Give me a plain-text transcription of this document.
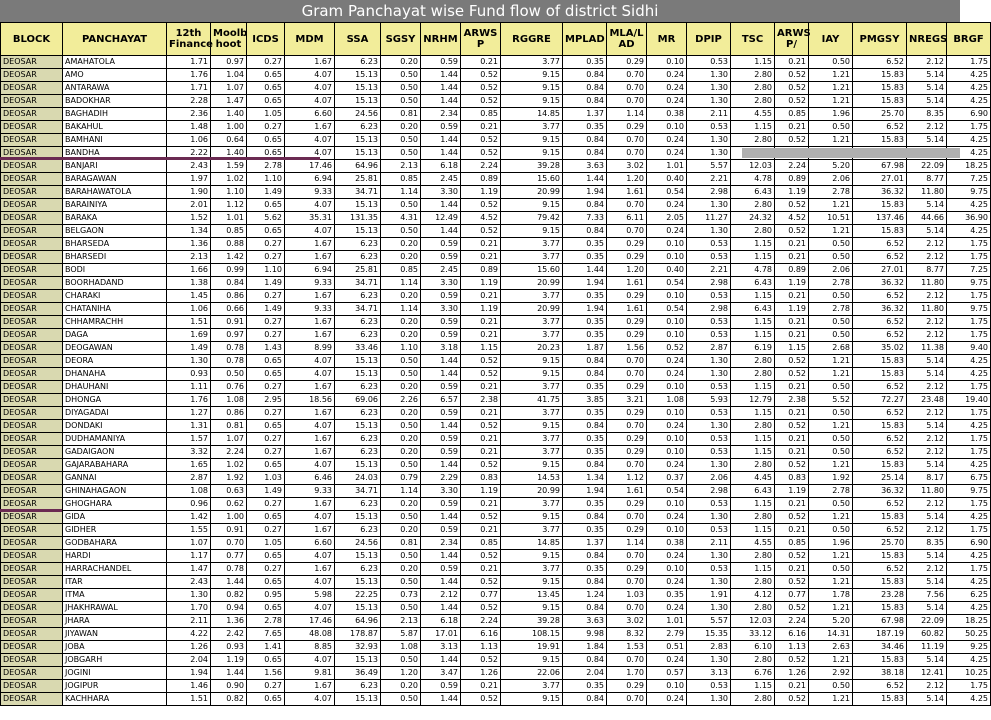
Gram Panchayat wise Fund flow of district Sidhi
BLOCK	PANCHAYAT	12th Finance	Moolb hoot	ICDS	MDM	SSA	SGSY	NRHM	ARWS P	RGGRE	MPLAD	MLA/L AD	MR	DPIP	TSC	ARWS P/	IAY	PMGSY	NREGS	BRGF
DEOSAR	AMAHATOLA	1.71	0.97	0.27	1.67	6.23	0.20	0.59	0.21	3.77	0.35	0.29	0.10	0.53	1.15	0.21	0.50	6.52	2.12	1.75
DEOSAR	AMO	1.76	1.04	0.65	4.07	15.13	0.50	1.44	0.52	9.15	0.84	0.70	0.24	1.30	2.80	0.52	1.21	15.83	5.14	4.25
DEOSAR	ANTARAWA	1.71	1.07	0.65	4.07	15.13	0.50	1.44	0.52	9.15	0.84	0.70	0.24	1.30	2.80	0.52	1.21	15.83	5.14	4.25
DEOSAR	BADOKHAR	2.28	1.47	0.65	4.07	15.13	0.50	1.44	0.52	9.15	0.84	0.70	0.24	1.30	2.80	0.52	1.21	15.83	5.14	4.25
DEOSAR	BAGHADIH	2.36	1.40	1.05	6.60	24.56	0.81	2.34	0.85	14.85	1.37	1.14	0.38	2.11	4.55	0.85	1.96	25.70	8.35	6.90
DEOSAR	BAKAHUL	1.48	1.00	0.27	1.67	6.23	0.20	0.59	0.21	3.77	0.35	0.29	0.10	0.53	1.15	0.21	0.50	6.52	2.12	1.75
DEOSAR	BAMHANI	1.06	0.64	0.65	4.07	15.13	0.50	1.44	0.52	9.15	0.84	0.70	0.24	1.30	2.80	0.52	1.21	15.83	5.14	4.25
DEOSAR	BANDHA	2.22	1.40	0.65	4.07	15.13	0.50	1.44	0.52	9.15	0.84	0.70	0.24	1.30						4.25
DEOSAR	BANJARI	2.43	1.59	2.78	17.46	64.96	2.13	6.18	2.24	39.28	3.63	3.02	1.01	5.57	12.03	2.24	5.20	67.98	22.09	18.25
DEOSAR	BARAGAWAN	1.97	1.02	1.10	6.94	25.81	0.85	2.45	0.89	15.60	1.44	1.20	0.40	2.21	4.78	0.89	2.06	27.01	8.77	7.25
DEOSAR	BARAHAWATOLA	1.90	1.10	1.49	9.33	34.71	1.14	3.30	1.19	20.99	1.94	1.61	0.54	2.98	6.43	1.19	2.78	36.32	11.80	9.75
DEOSAR	BARAINIYA	2.01	1.12	0.65	4.07	15.13	0.50	1.44	0.52	9.15	0.84	0.70	0.24	1.30	2.80	0.52	1.21	15.83	5.14	4.25
DEOSAR	BARAKA	1.52	1.01	5.62	35.31	131.35	4.31	12.49	4.52	79.42	7.33	6.11	2.05	11.27	24.32	4.52	10.51	137.46	44.66	36.90
DEOSAR	BELGAON	1.34	0.85	0.65	4.07	15.13	0.50	1.44	0.52	9.15	0.84	0.70	0.24	1.30	2.80	0.52	1.21	15.83	5.14	4.25
DEOSAR	BHARSEDA	1.36	0.88	0.27	1.67	6.23	0.20	0.59	0.21	3.77	0.35	0.29	0.10	0.53	1.15	0.21	0.50	6.52	2.12	1.75
DEOSAR	BHARSEDI	2.13	1.42	0.27	1.67	6.23	0.20	0.59	0.21	3.77	0.35	0.29	0.10	0.53	1.15	0.21	0.50	6.52	2.12	1.75
DEOSAR	BODI	1.66	0.99	1.10	6.94	25.81	0.85	2.45	0.89	15.60	1.44	1.20	0.40	2.21	4.78	0.89	2.06	27.01	8.77	7.25
DEOSAR	BOORHADAND	1.38	0.84	1.49	9.33	34.71	1.14	3.30	1.19	20.99	1.94	1.61	0.54	2.98	6.43	1.19	2.78	36.32	11.80	9.75
DEOSAR	CHARAKI	1.45	0.86	0.27	1.67	6.23	0.20	0.59	0.21	3.77	0.35	0.29	0.10	0.53	1.15	0.21	0.50	6.52	2.12	1.75
DEOSAR	CHATANIHA	1.06	0.66	1.49	9.33	34.71	1.14	3.30	1.19	20.99	1.94	1.61	0.54	2.98	6.43	1.19	2.78	36.32	11.80	9.75
DEOSAR	CHHAMRACHH	1.51	0.91	0.27	1.67	6.23	0.20	0.59	0.21	3.77	0.35	0.29	0.10	0.53	1.15	0.21	0.50	6.52	2.12	1.75
DEOSAR	DAGA	1.69	0.97	0.27	1.67	6.23	0.20	0.59	0.21	3.77	0.35	0.29	0.10	0.53	1.15	0.21	0.50	6.52	2.12	1.75
DEOSAR	DEOGAWAN	1.49	0.78	1.43	8.99	33.46	1.10	3.18	1.15	20.23	1.87	1.56	0.52	2.87	6.19	1.15	2.68	35.02	11.38	9.40
DEOSAR	DEORA	1.30	0.78	0.65	4.07	15.13	0.50	1.44	0.52	9.15	0.84	0.70	0.24	1.30	2.80	0.52	1.21	15.83	5.14	4.25
DEOSAR	DHANAHA	0.93	0.50	0.65	4.07	15.13	0.50	1.44	0.52	9.15	0.84	0.70	0.24	1.30	2.80	0.52	1.21	15.83	5.14	4.25
DEOSAR	DHAUHANI	1.11	0.76	0.27	1.67	6.23	0.20	0.59	0.21	3.77	0.35	0.29	0.10	0.53	1.15	0.21	0.50	6.52	2.12	1.75
DEOSAR	DHONGA	1.76	1.08	2.95	18.56	69.06	2.26	6.57	2.38	41.75	3.85	3.21	1.08	5.93	12.79	2.38	5.52	72.27	23.48	19.40
DEOSAR	DIYAGADAI	1.27	0.86	0.27	1.67	6.23	0.20	0.59	0.21	3.77	0.35	0.29	0.10	0.53	1.15	0.21	0.50	6.52	2.12	1.75
DEOSAR	DONDAKI	1.31	0.81	0.65	4.07	15.13	0.50	1.44	0.52	9.15	0.84	0.70	0.24	1.30	2.80	0.52	1.21	15.83	5.14	4.25
DEOSAR	DUDHAMANIYA	1.57	1.07	0.27	1.67	6.23	0.20	0.59	0.21	3.77	0.35	0.29	0.10	0.53	1.15	0.21	0.50	6.52	2.12	1.75
DEOSAR	GADAIGAON	3.32	2.24	0.27	1.67	6.23	0.20	0.59	0.21	3.77	0.35	0.29	0.10	0.53	1.15	0.21	0.50	6.52	2.12	1.75
DEOSAR	GAJARABAHARA	1.65	1.02	0.65	4.07	15.13	0.50	1.44	0.52	9.15	0.84	0.70	0.24	1.30	2.80	0.52	1.21	15.83	5.14	4.25
DEOSAR	GANNAI	2.87	1.92	1.03	6.46	24.03	0.79	2.29	0.83	14.53	1.34	1.12	0.37	2.06	4.45	0.83	1.92	25.14	8.17	6.75
DEOSAR	GHINAHAGAON	1.08	0.63	1.49	9.33	34.71	1.14	3.30	1.19	20.99	1.94	1.61	0.54	2.98	6.43	1.19	2.78	36.32	11.80	9.75
DEOSAR	GHOGHARA	0.96	0.62	0.27	1.67	6.23	0.20	0.59	0.21	3.77	0.35	0.29	0.10	0.53	1.15	0.21	0.50	6.52	2.12	1.75
DEOSAR	GIDA	1.42	1.00	0.65	4.07	15.13	0.50	1.44	0.52	9.15	0.84	0.70	0.24	1.30	2.80	0.52	1.21	15.83	5.14	4.25
DEOSAR	GIDHER	1.55	0.91	0.27	1.67	6.23	0.20	0.59	0.21	3.77	0.35	0.29	0.10	0.53	1.15	0.21	0.50	6.52	2.12	1.75
DEOSAR	GODBAHARA	1.07	0.70	1.05	6.60	24.56	0.81	2.34	0.85	14.85	1.37	1.14	0.38	2.11	4.55	0.85	1.96	25.70	8.35	6.90
DEOSAR	HARDI	1.17	0.77	0.65	4.07	15.13	0.50	1.44	0.52	9.15	0.84	0.70	0.24	1.30	2.80	0.52	1.21	15.83	5.14	4.25
DEOSAR	HARRACHANDEL	1.47	0.78	0.27	1.67	6.23	0.20	0.59	0.21	3.77	0.35	0.29	0.10	0.53	1.15	0.21	0.50	6.52	2.12	1.75
DEOSAR	ITAR	2.43	1.44	0.65	4.07	15.13	0.50	1.44	0.52	9.15	0.84	0.70	0.24	1.30	2.80	0.52	1.21	15.83	5.14	4.25
DEOSAR	ITMA	1.30	0.82	0.95	5.98	22.25	0.73	2.12	0.77	13.45	1.24	1.03	0.35	1.91	4.12	0.77	1.78	23.28	7.56	6.25
DEOSAR	JHAKHRAWAL	1.70	0.94	0.65	4.07	15.13	0.50	1.44	0.52	9.15	0.84	0.70	0.24	1.30	2.80	0.52	1.21	15.83	5.14	4.25
DEOSAR	JHARA	2.11	1.36	2.78	17.46	64.96	2.13	6.18	2.24	39.28	3.63	3.02	1.01	5.57	12.03	2.24	5.20	67.98	22.09	18.25
DEOSAR	JIYAWAN	4.22	2.42	7.65	48.08	178.87	5.87	17.01	6.16	108.15	9.98	8.32	2.79	15.35	33.12	6.16	14.31	187.19	60.82	50.25
DEOSAR	JOBA	1.26	0.93	1.41	8.85	32.93	1.08	3.13	1.13	19.91	1.84	1.53	0.51	2.83	6.10	1.13	2.63	34.46	11.19	9.25
DEOSAR	JOBGARH	2.04	1.19	0.65	4.07	15.13	0.50	1.44	0.52	9.15	0.84	0.70	0.24	1.30	2.80	0.52	1.21	15.83	5.14	4.25
DEOSAR	JOGINI	1.94	1.44	1.56	9.81	36.49	1.20	3.47	1.26	22.06	2.04	1.70	0.57	3.13	6.76	1.26	2.92	38.18	12.41	10.25
DEOSAR	JOGIPUR	1.46	0.90	0.27	1.67	6.23	0.20	0.59	0.21	3.77	0.35	0.29	0.10	0.53	1.15	0.21	0.50	6.52	2.12	1.75
DEOSAR	KACHHARA	1.51	0.82	0.65	4.07	15.13	0.50	1.44	0.52	9.15	0.84	0.70	0.24	1.30	2.80	0.52	1.21	15.83	5.14	4.25
